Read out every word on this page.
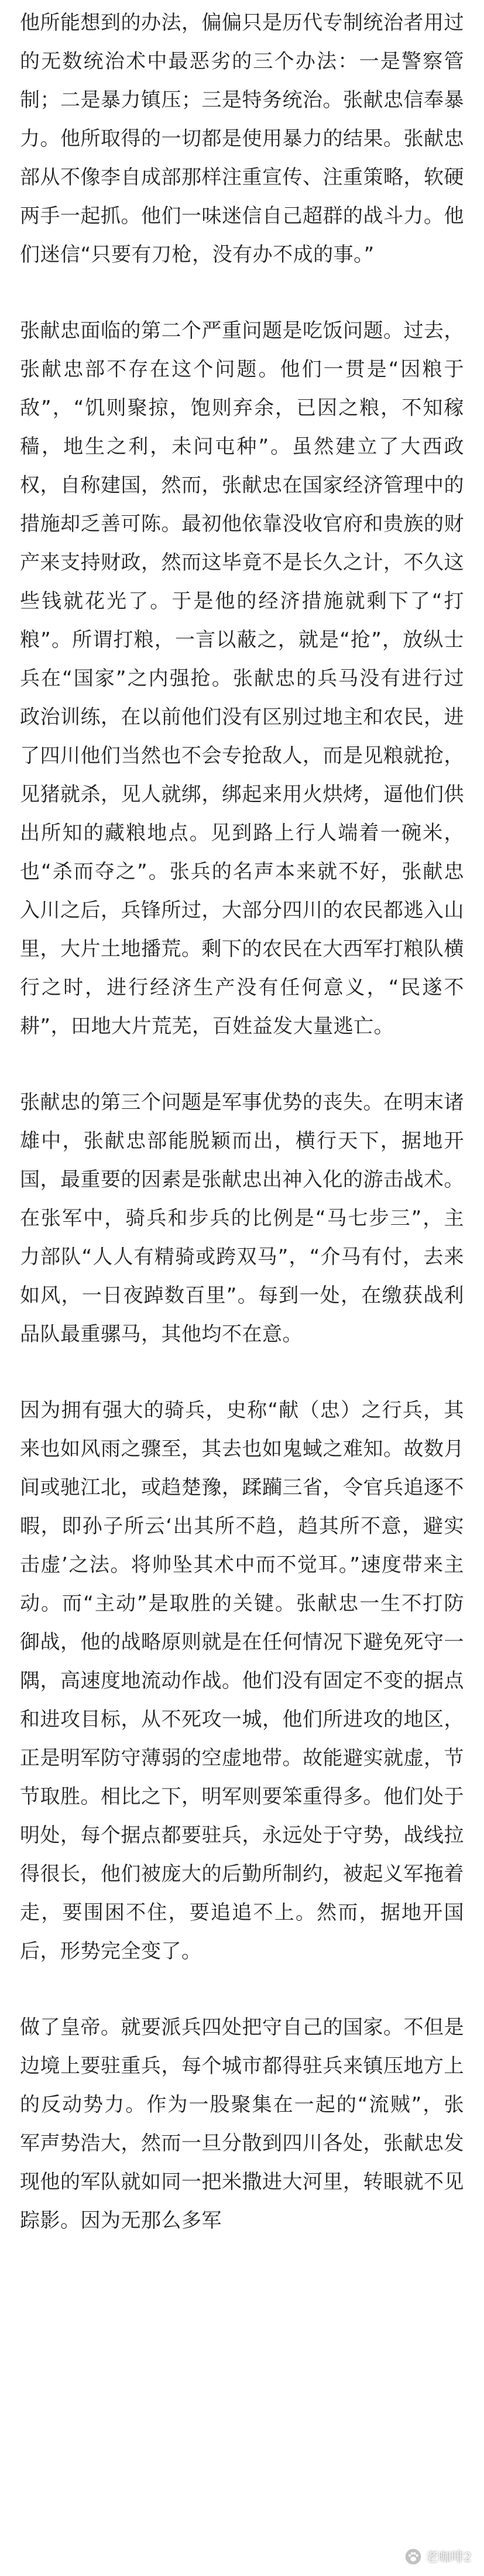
他所能想到的办法，偏偏只是历代专制统治者用过的无数统治术中最恶劣的三个办法：一是警察管制；二是暴力镇压；三是特务统治。张献忠信奉暴力。他所取得的一切都是使用暴力的结果。张献忠部从不像李自成部那样注重宣传、注重策略，软硬两手一起抓。他们一味迷信自己超群的战斗力。他们迷信“只要有刀枪，没有办不成的事。”

张献忠面临的第二个严重问题是吃饭问题。过去，张献忠部不存在这个问题。他们一贯是“因粮于敌”，“饥则聚掠，饱则弃余，已因之粮，不知稼穑，地生之利，未问屯种”。虽然建立了大西政权，自称建国，然而，张献忠在国家经济管理中的措施却乏善可陈。最初他依靠没收官府和贵族的财产来支持财政，然而这毕竟不是长久之计，不久这些钱就花光了。于是他的经济措施就剩下了“打粮”。所谓打粮，一言以蔽之，就是“抢”，放纵士兵在“国家”之内强抢。张献忠的兵马没有进行过政治训练，在以前他们没有区别过地主和农民，进了四川他们当然也不会专抢敌人，而是见粮就抢，见猪就杀，见人就绑，绑起来用火烘烤，逼他们供出所知的藏粮地点。见到路上行人端着一碗米，也“杀而夺之”。张兵的名声本来就不好，张献忠入川之后，兵锋所过，大部分四川的农民都逃入山里，大片土地播荒。剩下的农民在大西军打粮队横行之时，进行经济生产没有任何意义，“民遂不耕”，田地大片荒芜，百姓益发大量逃亡。

张献忠的第三个问题是军事优势的丧失。在明末诸雄中，张献忠部能脱颖而出，横行天下，据地开国，最重要的因素是张献忠出神入化的游击战术。在张军中，骑兵和步兵的比例是“马七步三”，主力部队“人人有精骑或跨双马”，“介马有付，去来如风，一日夜踔数百里”。每到一处，在缴获战利品队最重骡马，其他均不在意。

因为拥有强大的骑兵，史称“献（忠）之行兵，其来也如风雨之骤至，其去也如鬼蜮之难知。故数月间或驰江北，或趋楚豫，蹂躏三省，令官兵追逐不暇，即孙子所云‘出其所不趋，趋其所不意，避实击虚’之法。将帅坠其术中而不觉耳。”速度带来主动。而“主动”是取胜的关键。张献忠一生不打防御战，他的战略原则就是在任何情况下避免死守一隅，高速度地流动作战。他们没有固定不变的据点和进攻目标，从不死攻一城，他们所进攻的地区，正是明军防守薄弱的空虚地带。故能避实就虚，节节取胜。相比之下，明军则要笨重得多。他们处于明处，每个据点都要驻兵，永远处于守势，战线拉得很长，他们被庞大的后勤所制约，被起义军拖着走，要围困不住，要追追不上。然而，据地开国后，形势完全变了。

做了皇帝。就要派兵四处把守自己的国家。不但是边境上要驻重兵，每个城市都得驻兵来镇压地方上的反动势力。作为一股聚集在一起的“流贼”，张军声势浩大，然而一旦分散到四川各处，张献忠发现他的军队就如同一把米撒进大河里，转眼就不见踪影。因为无那么多军

老咖啡2
